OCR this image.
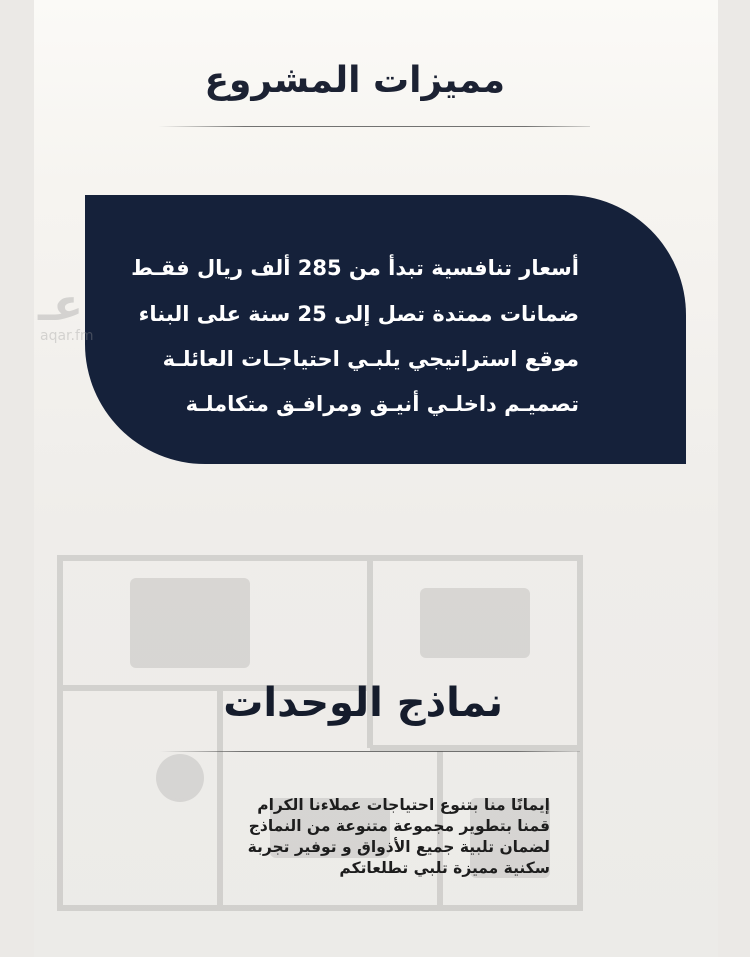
مميزات المشروع
أسعار تنافسية تبدأ من 285 ألف ريال فقـط
ضمانات ممتدة تصل إلى 25 سنة على البناء
موقع استراتيجي يلبـي احتياجـات العائلـة
تصميـم داخلـي أنيـق ومرافـق متكاملـة
عـ
aqar.fm
نماذج الوحدات
إيمانًا منا بتنوع احتياجات عملاءنا الكرام
قمنا بتطوير مجموعة متنوعة من النماذج
لضمان تلبية جميع الأذواق و توفير تجربة
سكنية مميزة تلبي تطلعاتكم
